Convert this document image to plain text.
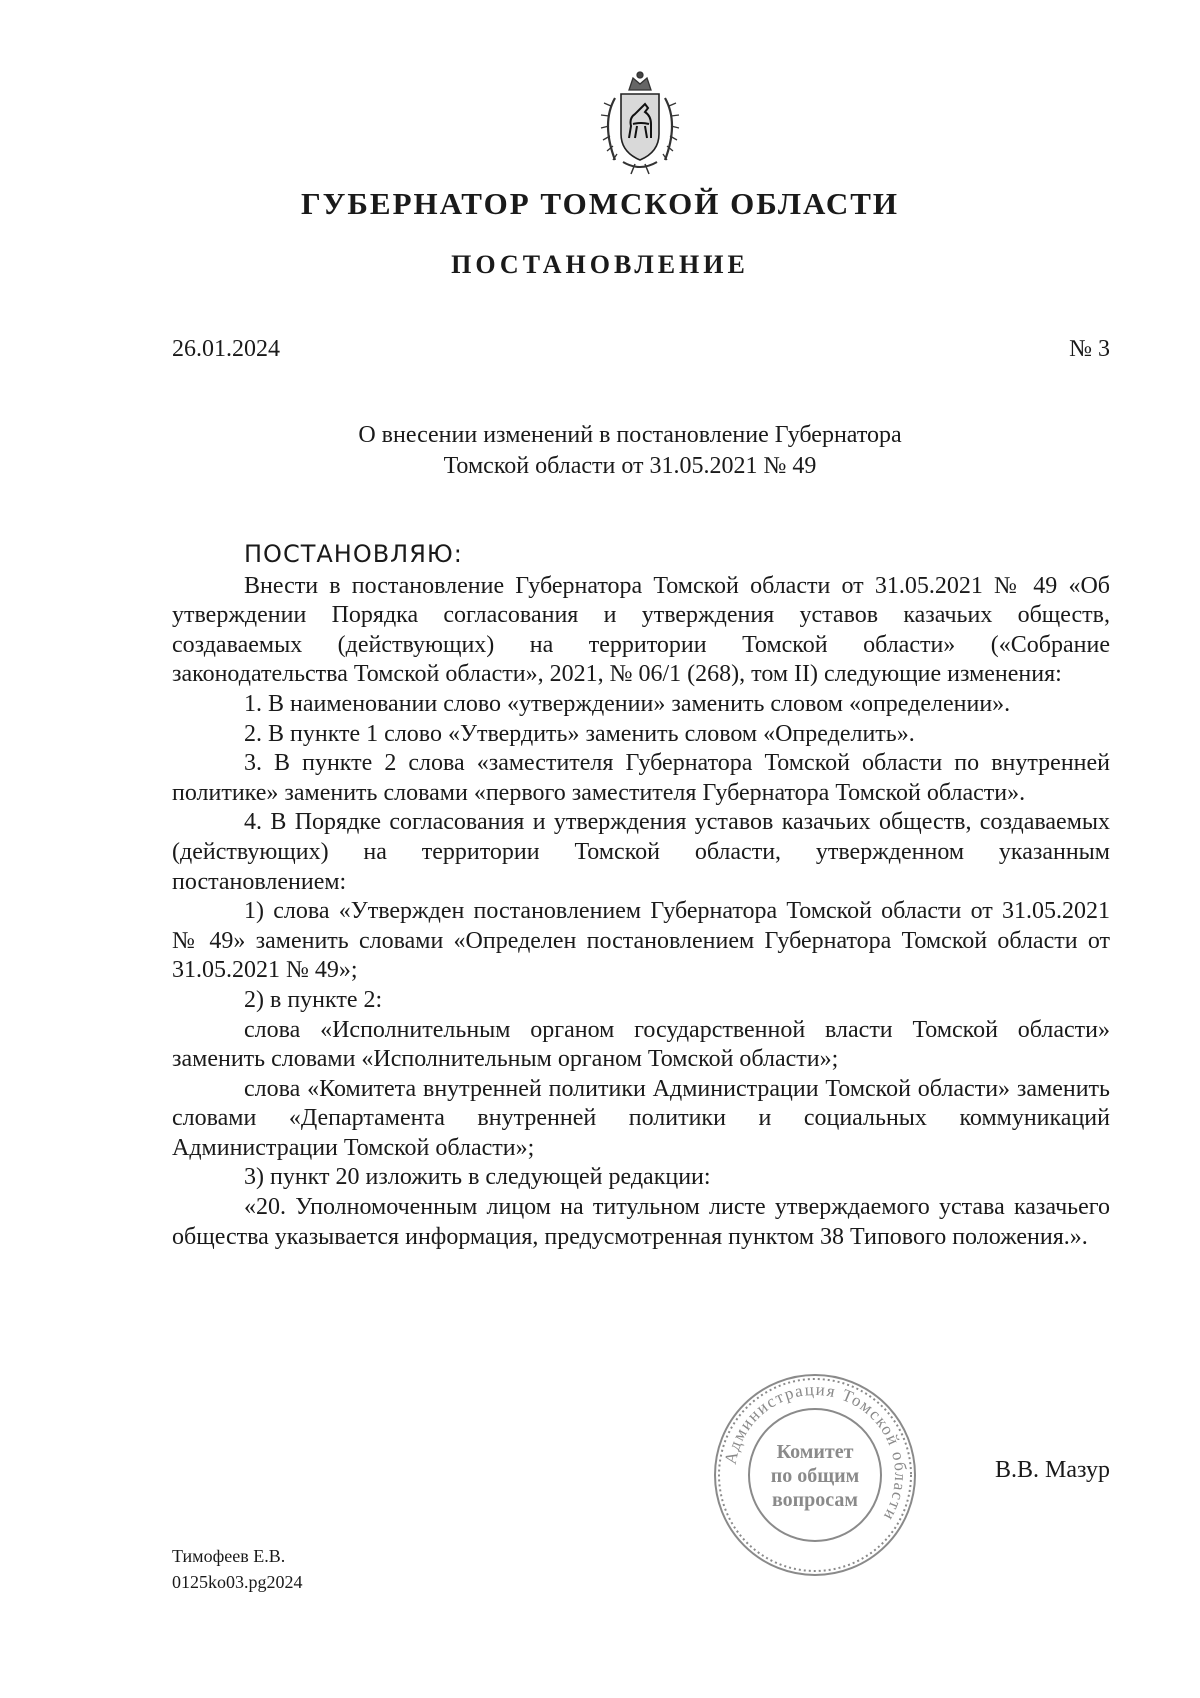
ГУБЕРНАТОР ТОМСКОЙ ОБЛАСТИ
ПОСТАНОВЛЕНИЕ
26.01.2024	№ 3
О внесении изменений в постановление Губернатора
Томской области от 31.05.2021 № 49
ПОСТАНОВЛЯЮ:

Внести в постановление Губернатора Томской области от 31.05.2021 № 49 «Об утверждении Порядка согласования и утверждения уставов казачьих обществ, создаваемых (действующих) на территории Томской области» («Собрание законодательства Томской области», 2021, № 06/1 (268), том II) следующие изменения:

1. В наименовании слово «утверждении» заменить словом «определении».

2. В пункте 1 слово «Утвердить» заменить словом «Определить».

3. В пункте 2 слова «заместителя Губернатора Томской области по внутренней политике» заменить словами «первого заместителя Губернатора Томской области».

4. В Порядке согласования и утверждения уставов казачьих обществ, создаваемых (действующих) на территории Томской области, утвержденном указанным постановлением:

1) слова «Утвержден постановлением Губернатора Томской области от 31.05.2021 № 49» заменить словами «Определен постановлением Губернатора Томской области от 31.05.2021 № 49»;

2) в пункте 2:

слова «Исполнительным органом государственной власти Томской области» заменить словами «Исполнительным органом Томской области»;

слова «Комитета внутренней политики Администрации Томской области» заменить словами «Департамента внутренней политики и социальных коммуникаций Администрации Томской области»;

3) пункт 20 изложить в следующей редакции:

«20. Уполномоченным лицом на титульном листе утверждаемого устава казачьего общества указывается информация, предусмотренная пунктом 38 Типового положения.».

Администрация Томской области
Комитет
по общим
вопросам
В.В. Мазур
Тимофеев Е.В.
0125ko03.pg2024
